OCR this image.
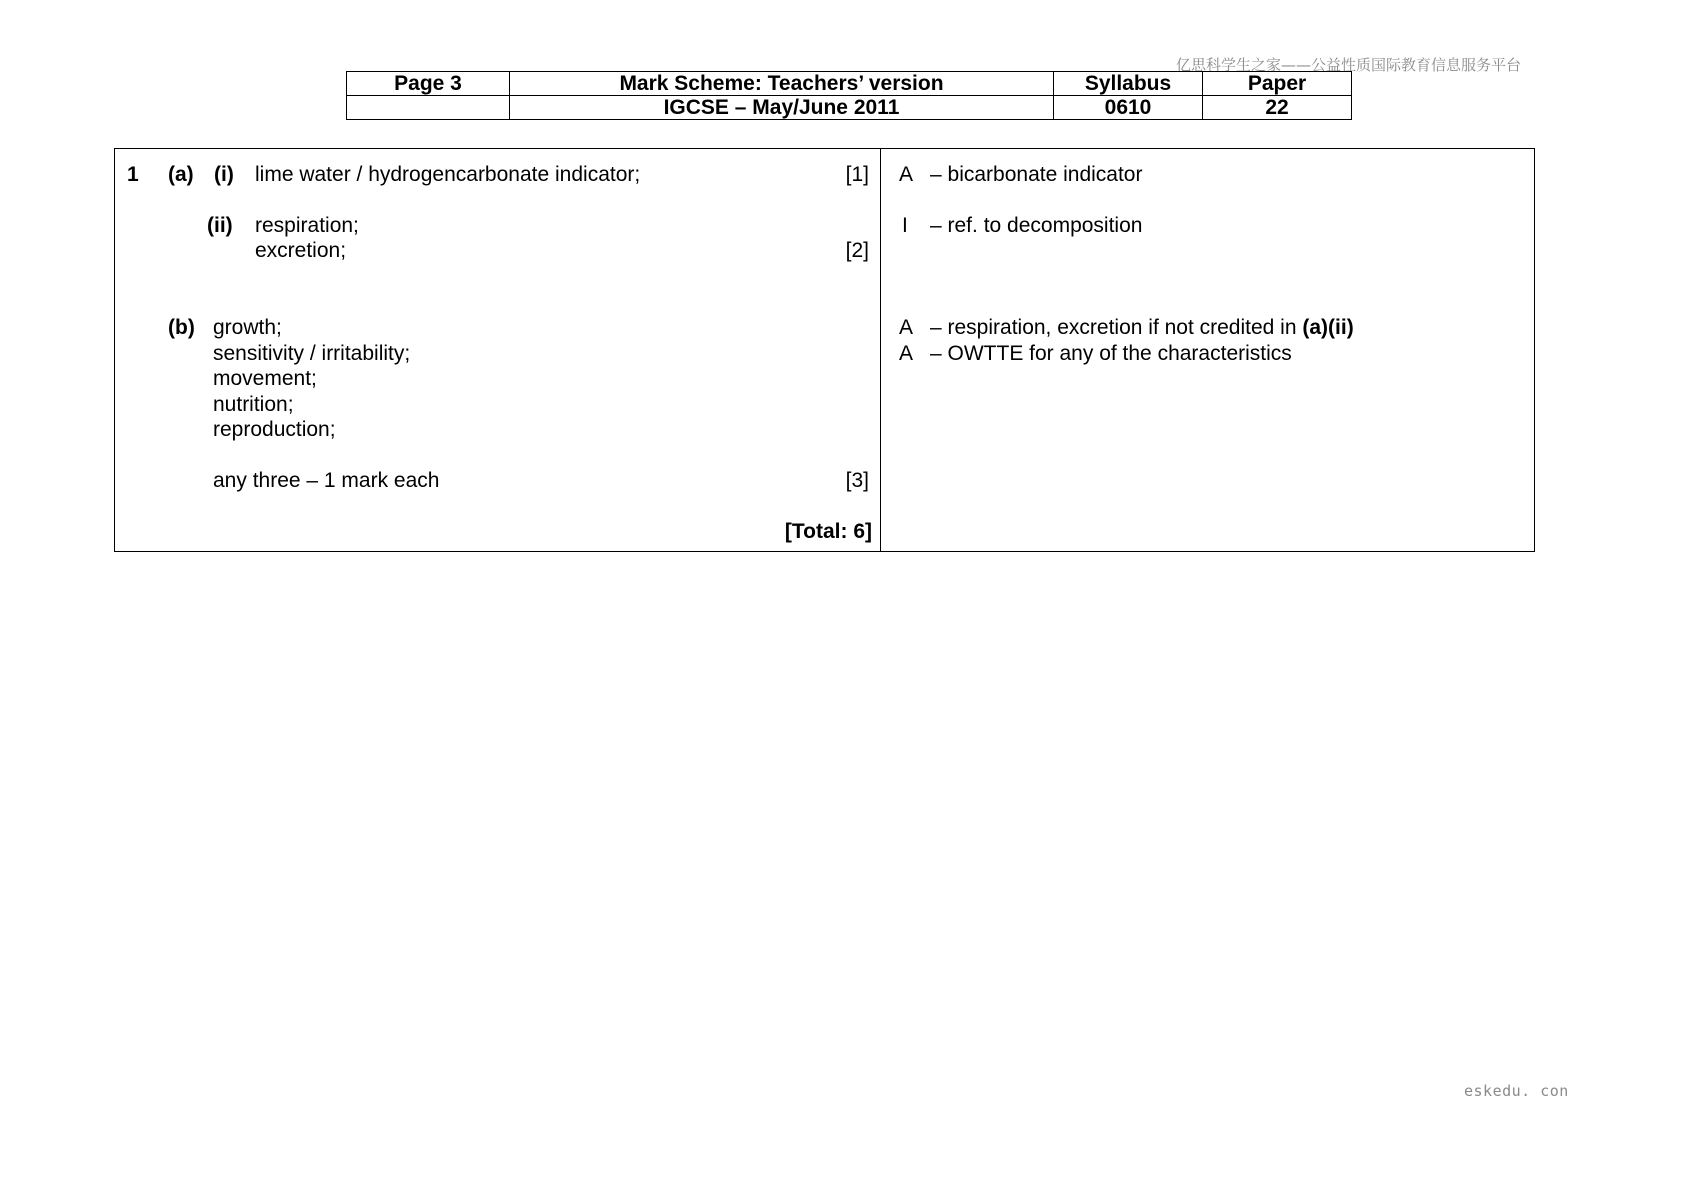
亿思科学生之家——公益性质国际教育信息服务平台
eskedu. con
Page 3	Mark Scheme: Teachers’ version	Syllabus	Paper
	IGCSE – May/June 2011	0610	22
1 (a) (i) lime water / hydrogencarbonate indicator;	[1]
(ii) respiration;
excretion;	[2]
(b) growth;
sensitivity / irritability;
movement;
nutrition;
reproduction;
any three – 1 mark each	[3]
[Total: 6]
A – bicarbonate indicator
I – ref. to decomposition
A – respiration, excretion if not credited in (a)(ii)
A – OWTTE for any of the characteristics
